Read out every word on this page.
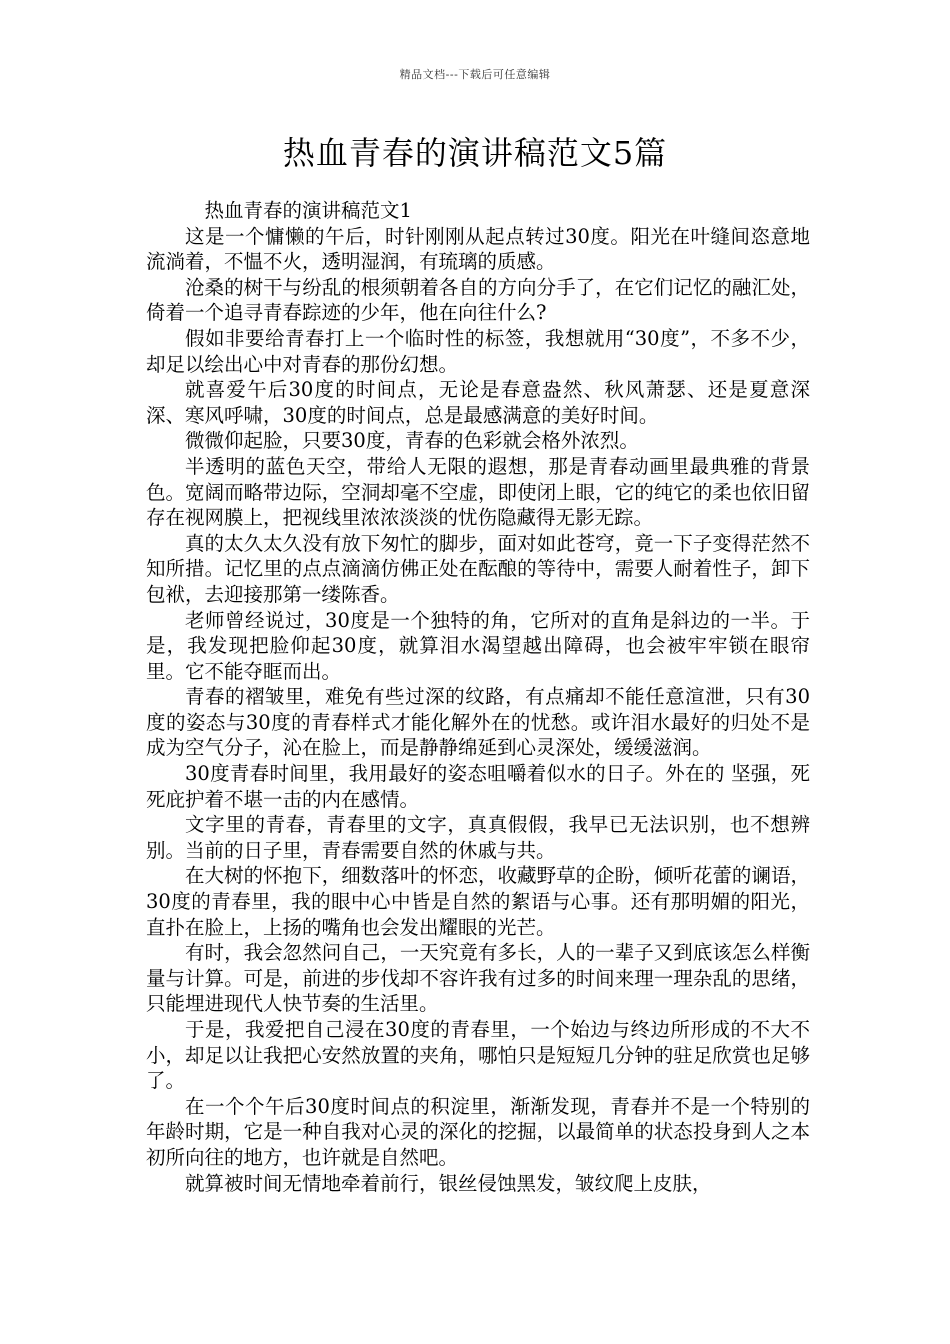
精品文档---下载后可任意编辑
热血青春的演讲稿范文5篇

热血青春的演讲稿范文1

这是一个慵懒的午后，时针刚刚从起点转过30度。阳光在叶缝间恣意地流淌着，不愠不火，透明湿润，有琉璃的质感。

沧桑的树干与纷乱的根须朝着各自的方向分手了，在它们记忆的融汇处，倚着一个追寻青春踪迹的少年，他在向往什么?

假如非要给青春打上一个临时性的标签，我想就用“30度”，不多不少，却足以绘出心中对青春的那份幻想。

就喜爱午后30度的时间点，无论是春意盎然、秋风萧瑟、还是夏意深深、寒风呼啸，30度的时间点，总是最感满意的美好时间。

微微仰起脸，只要30度，青春的色彩就会格外浓烈。

半透明的蓝色天空，带给人无限的遐想，那是青春动画里最典雅的背景色。宽阔而略带边际，空洞却毫不空虚，即使闭上眼，它的纯它的柔也依旧留存在视网膜上，把视线里浓浓淡淡的忧伤隐藏得无影无踪。

真的太久太久没有放下匆忙的脚步，面对如此苍穹，竟一下子变得茫然不知所措。记忆里的点点滴滴仿佛正处在酝酿的等待中，需要人耐着性子，卸下包袱，去迎接那第一缕陈香。

老师曾经说过，30度是一个独特的角，它所对的直角是斜边的一半。于是，我发现把脸仰起30度，就算泪水渴望越出障碍，也会被牢牢锁在眼帘里。它不能夺眶而出。

青春的褶皱里，难免有些过深的纹路，有点痛却不能任意渲泄，只有30度的姿态与30度的青春样式才能化解外在的忧愁。或许泪水最好的归处不是成为空气分子，沁在脸上，而是静静绵延到心灵深处，缓缓滋润。

30度青春时间里，我用最好的姿态咀嚼着似水的日子。外在的 坚强，死死庇护着不堪一击的内在感情。

文字里的青春，青春里的文字，真真假假，我早已无法识别，也不想辨别。当前的日子里，青春需要自然的休戚与共。

在大树的怀抱下，细数落叶的怀恋，收藏野草的企盼，倾听花蕾的谰语，30度的青春里，我的眼中心中皆是自然的絮语与心事。还有那明媚的阳光，直扑在脸上，上扬的嘴角也会发出耀眼的光芒。

有时，我会忽然问自己，一天究竟有多长，人的一辈子又到底该怎么样衡量与计算。可是，前进的步伐却不容许我有过多的时间来理一理杂乱的思绪，只能埋进现代人快节奏的生活里。

于是，我爱把自己浸在30度的青春里，一个始边与终边所形成的不大不小，却足以让我把心安然放置的夹角，哪怕只是短短几分钟的驻足欣赏也足够了。

在一个个午后30度时间点的积淀里，渐渐发现，青春并不是一个特别的年龄时期，它是一种自我对心灵的深化的挖掘，以最简单的状态投身到人之本初所向往的地方，也许就是自然吧。

就算被时间无情地牵着前行，银丝侵蚀黑发，皱纹爬上皮肤，
